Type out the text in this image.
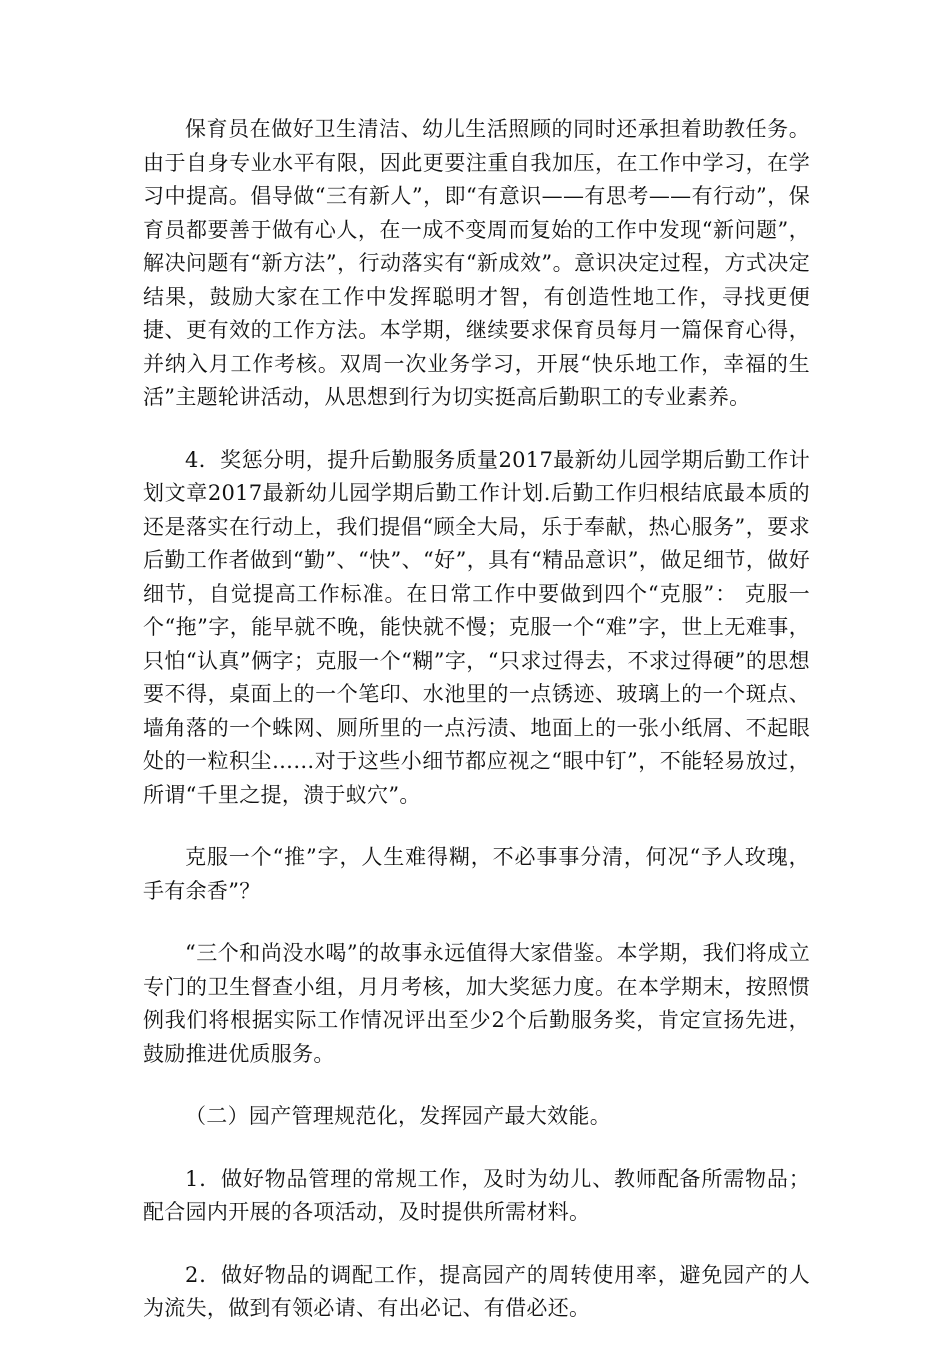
保育员在做好卫生清洁、幼儿生活照顾的同时还承担着助教任务。由于自身专业水平有限，因此更要注重自我加压，在工作中学习，在学习中提高。倡导做“三有新人”，即“有意识——有思考——有行动”，保育员都要善于做有心人，在一成不变周而复始的工作中发现“新问题”，解决问题有“新方法”，行动落实有“新成效”。意识决定过程，方式决定结果，鼓励大家在工作中发挥聪明才智，有创造性地工作，寻找更便捷、更有效的工作方法。本学期，继续要求保育员每月一篇保育心得，并纳入月工作考核。双周一次业务学习，开展“快乐地工作，幸福的生活”主题轮讲活动，从思想到行为切实挺高后勤职工的专业素养。

4．奖惩分明，提升后勤服务质量2017最新幼儿园学期后勤工作计划文章2017最新幼儿园学期后勤工作计划.后勤工作归根结底最本质的还是落实在行动上，我们提倡“顾全大局，乐于奉献，热心服务”，要求后勤工作者做到“勤”、“快”、“好”，具有“精品意识”，做足细节，做好细节，自觉提高工作标准。在日常工作中要做到四个“克服”： 克服一个“拖”字，能早就不晚，能快就不慢；克服一个“难”字，世上无难事，只怕“认真”俩字；克服一个“糊”字，“只求过得去，不求过得硬”的思想要不得，桌面上的一个笔印、水池里的一点锈迹、玻璃上的一个斑点、墙角落的一个蛛网、厕所里的一点污渍、地面上的一张小纸屑、不起眼处的一粒积尘……对于这些小细节都应视之“眼中钉”，不能轻易放过，所谓“千里之提，溃于蚁穴”。

克服一个“推”字，人生难得糊，不必事事分清，何况“予人玫瑰，手有余香”？

“三个和尚没水喝”的故事永远值得大家借鉴。本学期，我们将成立专门的卫生督查小组，月月考核，加大奖惩力度。在本学期末，按照惯例我们将根据实际工作情况评出至少2个后勤服务奖，肯定宣扬先进，鼓励推进优质服务。

（二）园产管理规范化，发挥园产最大效能。

1．做好物品管理的常规工作，及时为幼儿、教师配备所需物品；配合园内开展的各项活动，及时提供所需材料。

2．做好物品的调配工作，提高园产的周转使用率，避免园产的人为流失，做到有领必请、有出必记、有借必还。
